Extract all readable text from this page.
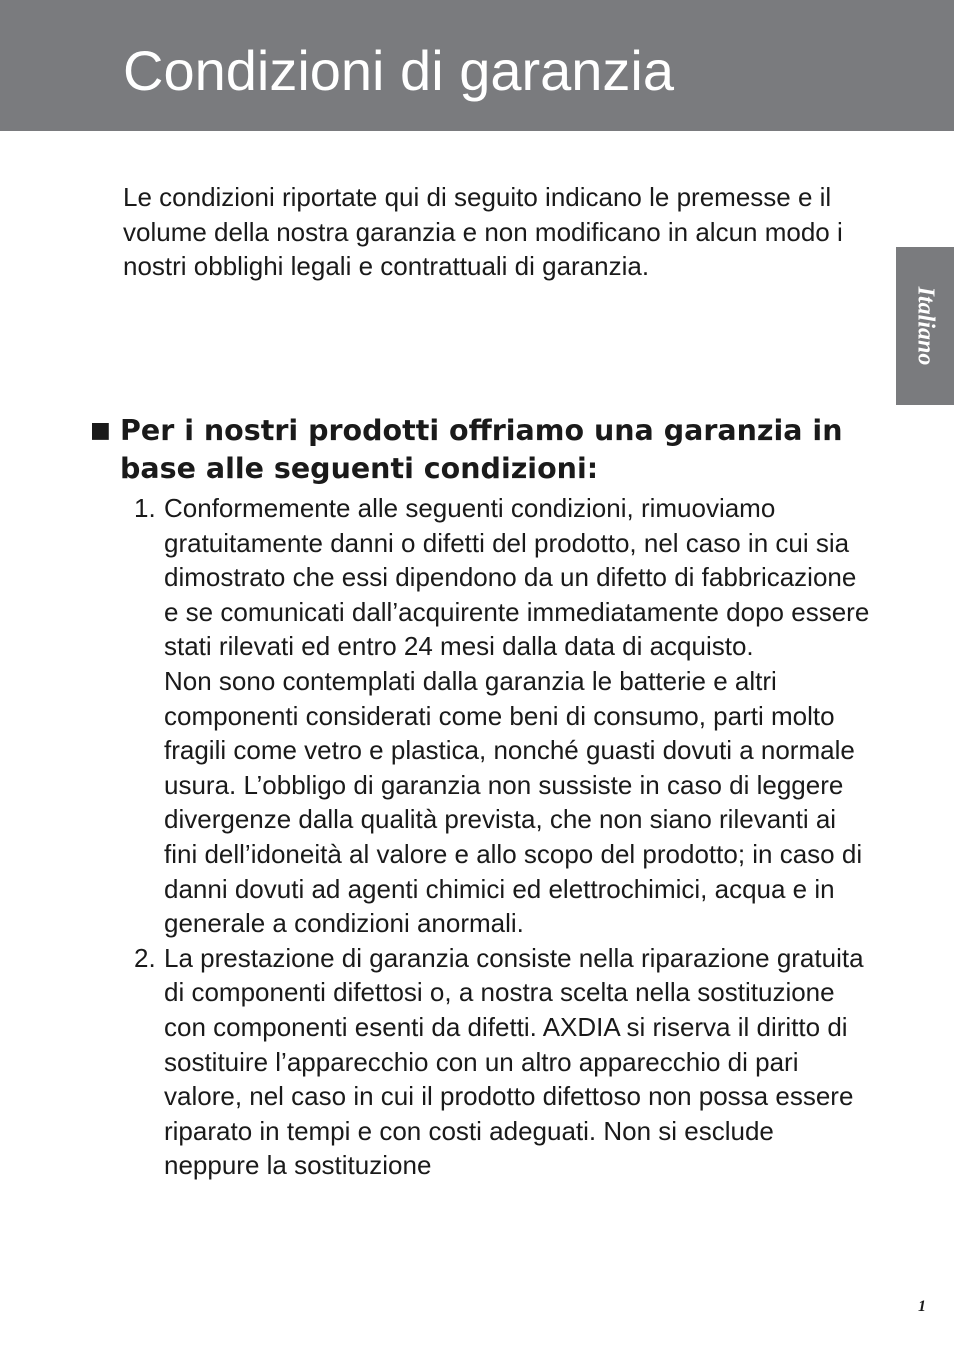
Condizioni di garanzia
Italiano

Le condizioni riportate qui di seguito indicano le premesse e il volume della nostra garanzia e non modificano in alcun modo i nostri obblighi legali e contrattuali di garanzia.

■ Per i nostri prodotti offriamo una garanzia in base alle seguenti condizioni:
1. Conformemente alle seguenti condizioni, rimuoviamo gratuitamente danni o difetti del prodotto, nel caso in cui sia dimostrato che essi dipendono da un difetto di fabbricazione e se comunicati dall’acquirente immediatamente dopo essere stati rilevati ed entro 24 mesi dalla data di acquisto.

Non sono contemplati dalla garanzia le batterie e altri componenti considerati come beni di consumo, parti molto fragili come vetro e plastica, nonché guasti dovuti a normale usura. L’obbligo di garanzia non sussiste in caso di leggere divergenze dalla qualità prevista, che non siano rilevanti ai fini dell’idoneità al valore e allo scopo del prodotto; in caso di danni dovuti ad agenti chimici ed elettrochimici, acqua e in generale a condizioni anormali.

2. La prestazione di garanzia consiste nella riparazione gratuita di componenti difettosi o, a nostra scelta nella sostituzione con componenti esenti da difetti. AXDIA si riserva il diritto di sostituire l’apparecchio con un altro apparecchio di pari valore, nel caso in cui il prodotto difettoso non possa essere riparato in tempi e con costi adeguati. Non si esclude neppure la sostituzione

1
